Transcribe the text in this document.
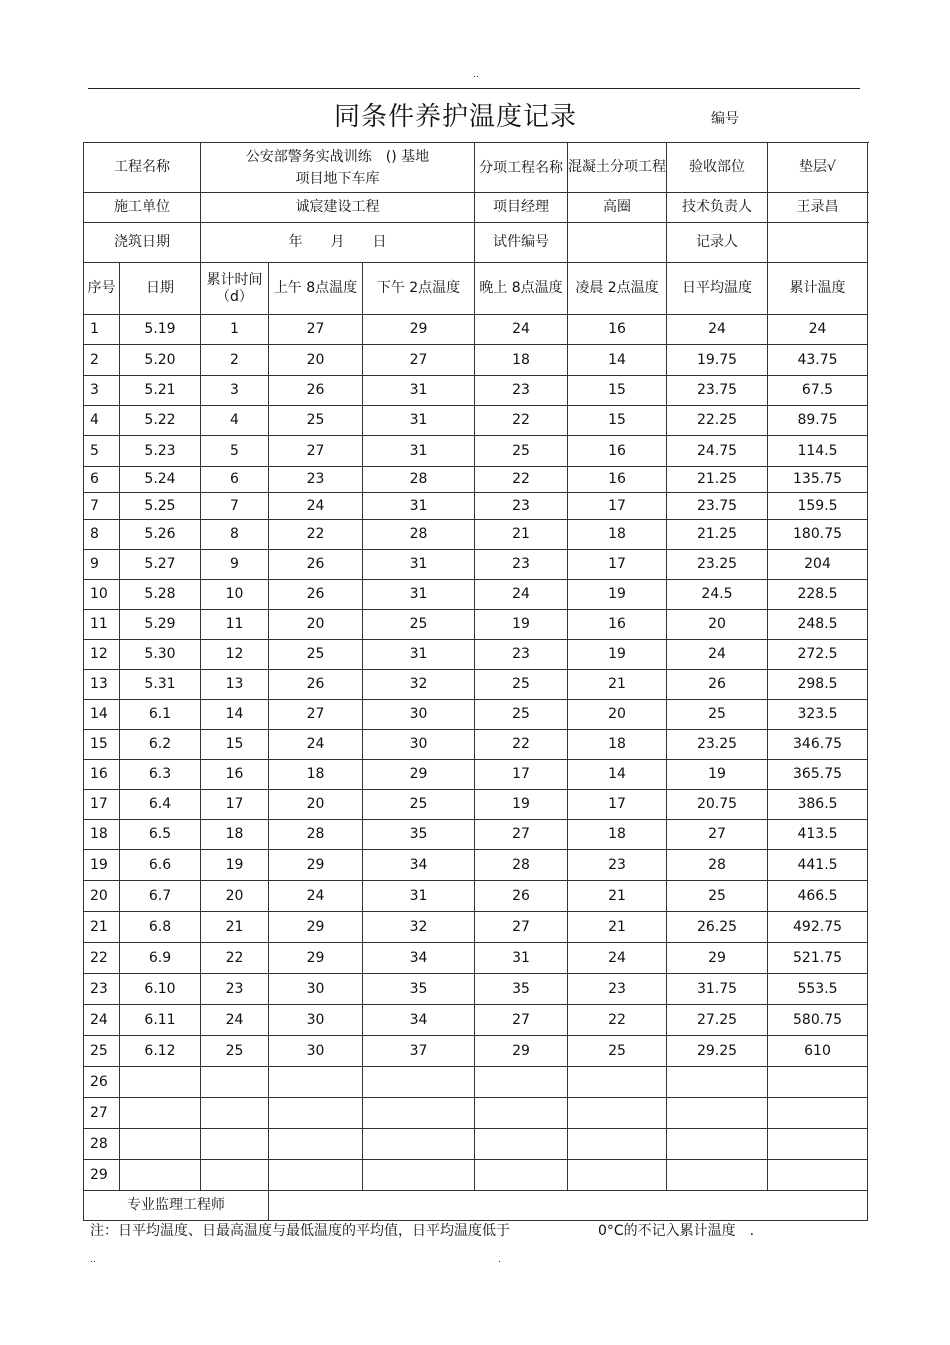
..
同条件养护温度记录	编号
工程名称		公安部警务实战训练　() 基地
项目地下车库			分项工程名称	混凝土分项工程	验收部位	垫层√
施工单位		诚宸建设工程			项目经理	高圈	技术负责人	王录昌
浇筑日期		年　　月　　日			试件编号		记录人	
序号	日期	累计时间（d）	上午 8点温度	下午 2点温度	晚上 8点温度	凌晨 2点温度	日平均温度	累计温度
1	5.19	1	27	29	24	16	24	24
2	5.20	2	20	27	18	14	19.75	43.75
3	5.21	3	26	31	23	15	23.75	67.5
4	5.22	4	25	31	22	15	22.25	89.75
5	5.23	5	27	31	25	16	24.75	114.5
6	5.24	6	23	28	22	16	21.25	135.75
7	5.25	7	24	31	23	17	23.75	159.5
8	5.26	8	22	28	21	18	21.25	180.75
9	5.27	9	26	31	23	17	23.25	204
10	5.28	10	26	31	24	19	24.5	228.5
11	5.29	11	20	25	19	16	20	248.5
12	5.30	12	25	31	23	19	24	272.5
13	5.31	13	26	32	25	21	26	298.5
14	6.1	14	27	30	25	20	25	323.5
15	6.2	15	24	30	22	18	23.25	346.75
16	6.3	16	18	29	17	14	19	365.75
17	6.4	17	20	25	19	17	20.75	386.5
18	6.5	18	28	35	27	18	27	413.5
19	6.6	19	29	34	28	23	28	441.5
20	6.7	20	24	31	26	21	25	466.5
21	6.8	21	29	32	27	21	26.25	492.75
22	6.9	22	29	34	31	24	29	521.75
23	6.10	23	30	35	35	23	31.75	553.5
24	6.11	24	30	34	27	22	27.25	580.75
25	6.12	25	30	37	29	25	29.25	610
26								
27								
28								
29								
专业监理工程师								
注：日平均温度、日最高温度与最低温度的平均值，日平均温度低于	0°C的不记入累计温度　.
..	.
